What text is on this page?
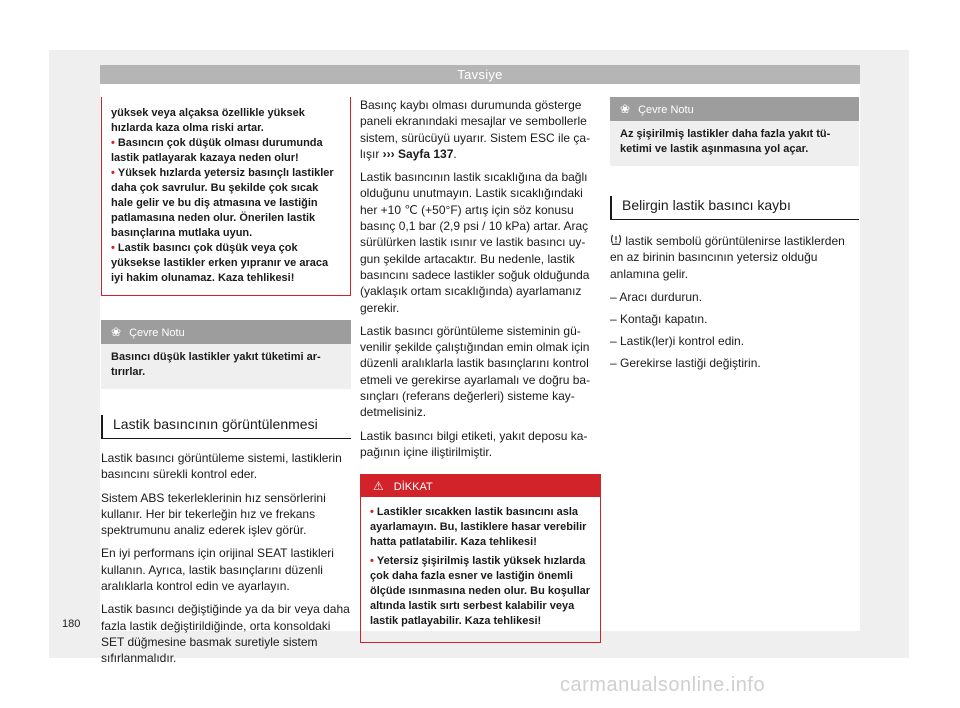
Tavsiye

yüksek veya alçaksa özellikle yüksek hızlarda kaza olma riski artar.

• Basıncın çok düşük olması durumunda lastik patlayarak kazaya neden olur!

• Yüksek hızlarda yetersiz basınçlı lastikler daha çok savrulur. Bu şekilde çok sıcak hale gelir ve bu diş atmasına ve lastiğin patlamasına neden olur. Önerilen lastik basınçlarına mutlaka uyun.

• Lastik basıncı çok düşük veya çok yüksekse lastikler erken yıpranır ve araca iyi hakim olunamaz. Kaza tehlikesi!

❀ Çevre Notu
Basıncı düşük lastikler yakıt tüketimi artırırlar.
Lastik basıncının görüntülenmesi

Lastik basıncı görüntüleme sistemi, lastiklerin basıncını sürekli kontrol eder.

Sistem ABS tekerleklerinin hız sensörlerini kullanır. Her bir tekerleğin hız ve frekans spektrumunu analiz ederek işlev görür.

En iyi performans için orijinal SEAT lastikleri kullanın. Ayrıca, lastik basınçlarını düzenli aralıklarla kontrol edin ve ayarlayın.

Lastik basıncı değiştiğinde ya da bir veya daha fazla lastik değiştirildiğinde, orta konsoldaki SET düğmesine basmak suretiyle sistem sıfırlanmalıdır.

Basınç kaybı olması durumunda gösterge paneli ekranındaki mesajlar ve sembollerle sistem, sürücüyü uyarır. Sistem ESC ile çalışır ››› Sayfa 137.

Lastik basıncının lastik sıcaklığına da bağlı olduğunu unutmayın. Lastik sıcaklığındaki her +10 ℃ (+50°F) artış için söz konusu basınç 0,1 bar (2,9 psi / 10 kPa) artar. Araç sürülürken lastik ısınır ve lastik basıncı uygun şekilde artacaktır. Bu nedenle, lastik basıncını sadece lastikler soğuk olduğunda (yaklaşık ortam sıcaklığında) ayarlamanız gerekir.

Lastik basıncı görüntüleme sisteminin güvenilir şekilde çalıştığından emin olmak için düzenli aralıklarla lastik basınçlarını kontrol etmeli ve gerekirse ayarlamalı ve doğru basınçları (referans değerleri) sisteme kaydetmelisiniz.

Lastik basıncı bilgi etiketi, yakıt deposu kapağının içine iliştirilmiştir.

⚠ DİKKAT

• Lastikler sıcakken lastik basıncını asla ayarlamayın. Bu, lastiklere hasar verebilir hatta patlatabilir. Kaza tehlikesi!

• Yetersiz şişirilmiş lastik yüksek hızlarda çok daha fazla esner ve lastiğin önemli ölçüde ısınmasına neden olur. Bu koşullar altında lastik sırtı serbest kalabilir veya lastik patlayabilir. Kaza tehlikesi!

❀ Çevre Notu
Az şişirilmiş lastikler daha fazla yakıt tüketimi ve lastik aşınmasına yol açar.
Belirgin lastik basıncı kaybı

lastik sembolü görüntülenirse lastiklerden en az birinin basıncının yetersiz olduğu anlamına gelir.

– Aracı durdurun.

– Kontağı kapatın.

– Lastik(ler)i kontrol edin.

– Gerekirse lastiği değiştirin.

180
carmanualsonline.info
